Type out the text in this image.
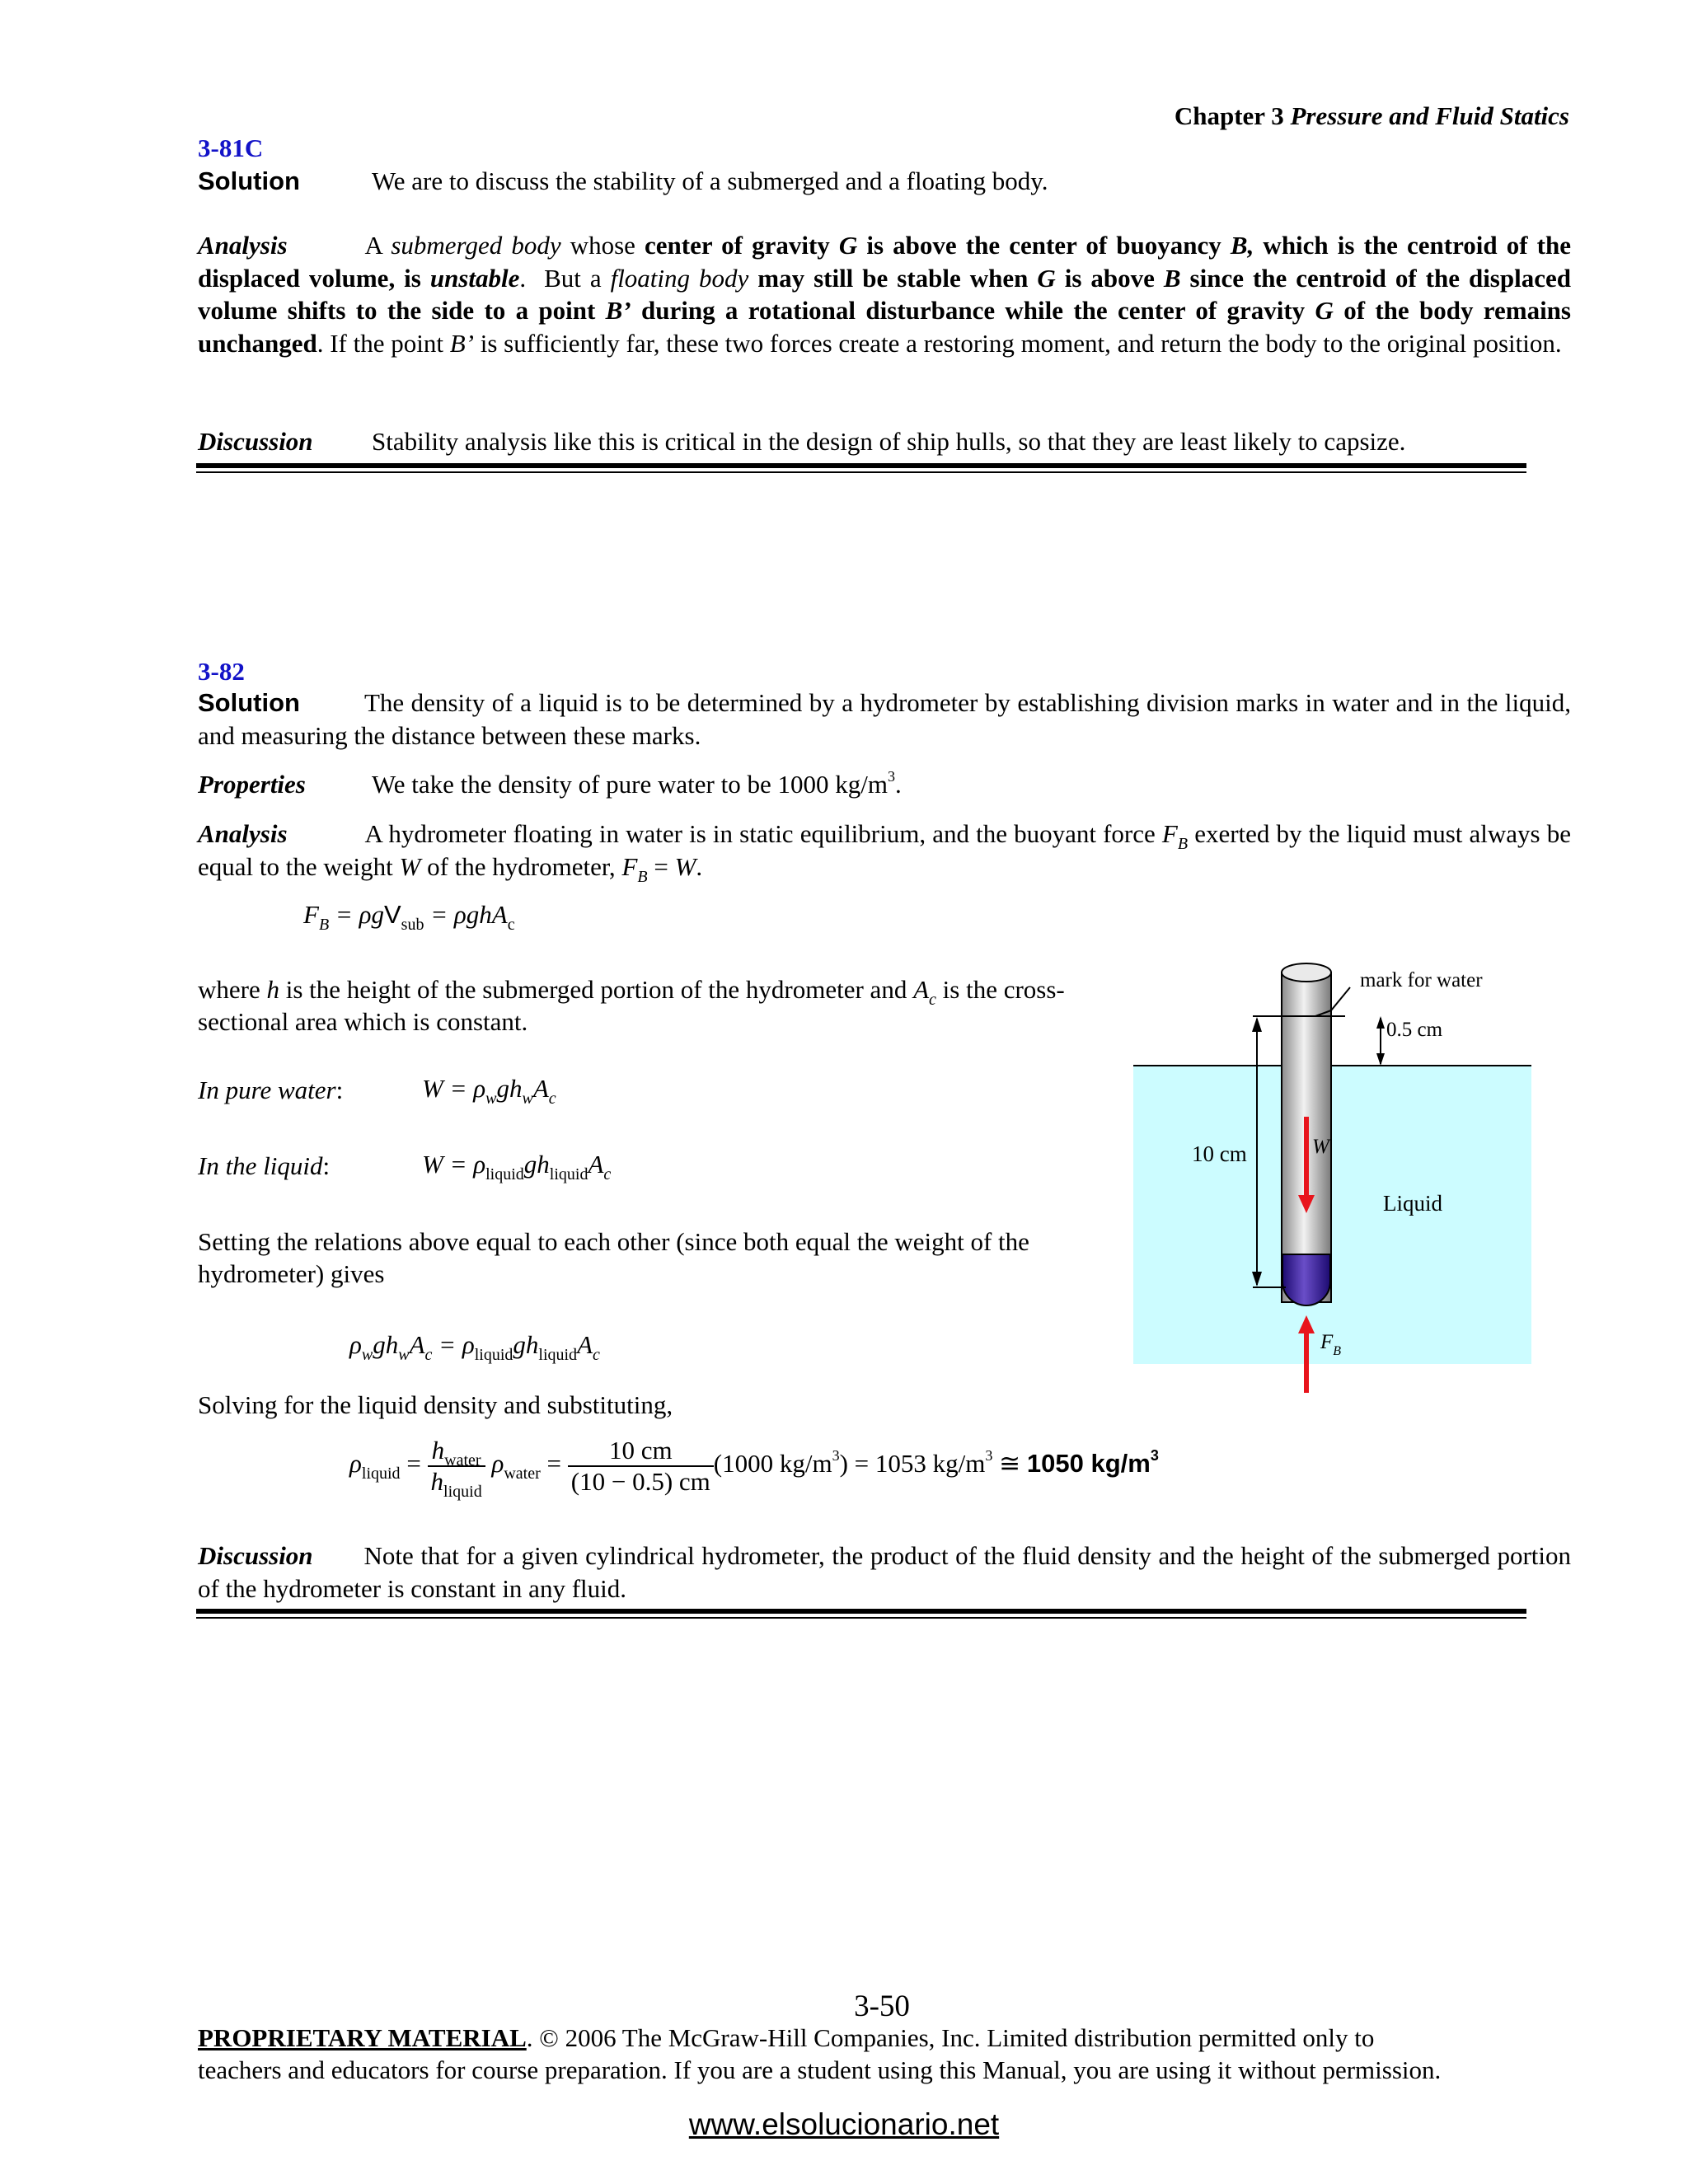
Chapter 3 Pressure and Fluid Statics
3-81C
Solution	We are to discuss the stability of a submerged and a floating body.
Analysis	A submerged body whose center of gravity G is above the center of buoyancy B, which is the centroid of the displaced volume, is unstable.  But a floating body may still be stable when G is above B since the centroid of the displaced volume shifts to the side to a point B’ during a rotational disturbance while the center of gravity G of the body remains unchanged. If the point B’ is sufficiently far, these two forces create a restoring moment, and return the body to the original position.
Discussion Stability analysis like this is critical in the design of ship hulls, so that they are least likely to capsize.
3-82
Solution	The density of a liquid is to be determined by a hydrometer by establishing division marks in water and in the liquid, and measuring the distance between these marks.
Properties	We take the density of pure water to be 1000 $kg/m^3$.
Analysis	A hydrometer floating in water is in static equilibrium, and the buoyant force $F_B$ exerted by the liquid must always be equal to the weight W of the hydrometer, $F_B = W$.
$F_B = \rho gV_{sub} = \rho ghA_c$
where h is the height of the submerged portion of the hydrometer and $A_c$ is the cross-sectional area which is constant.
In pure water:	$W = \rho_wgh_wA_c$
In the liquid:	$W = \rho_{liquid}gh_{liquid}A_c$
Setting the relations above equal to each other (since both equal the weight of the hydrometer) gives
$\rho_wgh_wA_c = \rho_{liquid}gh_{liquid}A_c$
Solving for the liquid density and substituting,
$\rho_{liquid} = \frac{h_{water}}{h_{liquid}} \rho_{water} = \frac{10 cm}{(10 - 0.5) cm} (1000$ $kg/m^3) = 1053$ $kg/m^3$ ≅ 1050 $kg/m^3$
Discussion Note that for a given cylindrical hydrometer, the product of the fluid density and the height of the submerged portion of the hydrometer is constant in any fluid.
mark for water
0.5 cm
10 cm	W
Liquid
$F_B$
3-50
PROPRIETARY MATERIAL. © 2006 The McGraw-Hill Companies, Inc. Limited distribution permitted only to
teachers and educators for course preparation. If you are a student using this Manual, you are using it without permission.
www.elsolucionario.net
